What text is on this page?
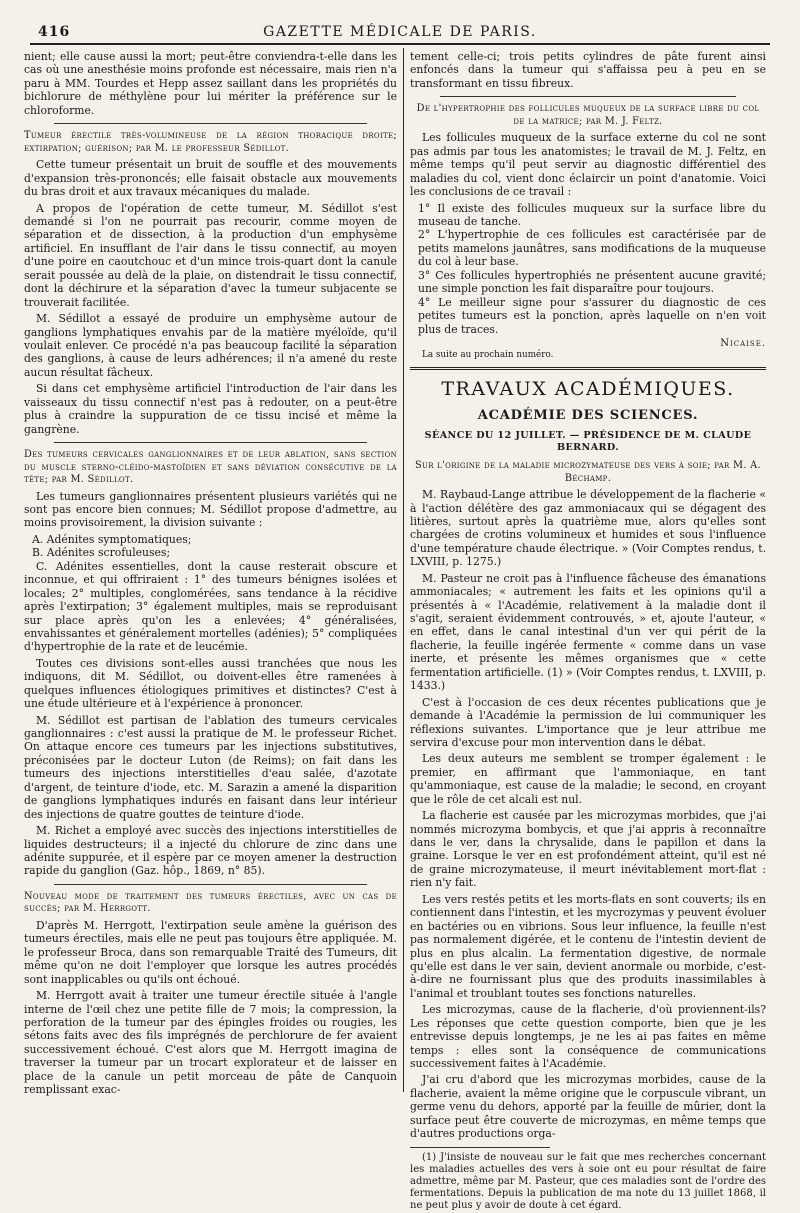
416	GAZETTE MÉDICALE DE PARIS.

nient; elle cause aussi la mort; peut-être conviendra-t-elle dans les cas où une anesthésie moins profonde est nécessaire, mais rien n'a paru à MM. Tourdes et Hepp assez saillant dans les propriétés du bichlorure de méthylène pour lui mériter la préférence sur le chloroforme.

Tumeur érectile très-volumineuse de la région thoracique droite; extirpation; guérison; par M. le professeur Sédillot.

Cette tumeur présentait un bruit de souffle et des mouvements d'expansion très-prononcés; elle faisait obstacle aux mouvements du bras droit et aux travaux mécaniques du malade.

A propos de l'opération de cette tumeur, M. Sédillot s'est demandé si l'on ne pourrait pas recourir, comme moyen de séparation et de dissection, à la production d'un emphysème artificiel. En insufflant de l'air dans le tissu connectif, au moyen d'une poire en caoutchouc et d'un mince trois-quart dont la canule serait poussée au delà de la plaie, on distendrait le tissu connectif, dont la déchirure et la séparation d'avec la tumeur subjacente se trouverait facilitée.

M. Sédillot a essayé de produire un emphysème autour de ganglions lymphatiques envahis par de la matière myéloïde, qu'il voulait enlever. Ce procédé n'a pas beaucoup facilité la séparation des ganglions, à cause de leurs adhérences; il n'a amené du reste aucun résultat fâcheux.

Si dans cet emphysème artificiel l'introduction de l'air dans les vaisseaux du tissu connectif n'est pas à redouter, on a peut-être plus à craindre la suppuration de ce tissu incisé et même la gangrène.

Des tumeurs cervicales ganglionnaires et de leur ablation, sans section du muscle sterno-cléido-mastoïdien et sans déviation consécutive de la tête; par M. Sédillot.

Les tumeurs ganglionnaires présentent plusieurs variétés qui ne sont pas encore bien connues; M. Sédillot propose d'admettre, au moins provisoirement, la division suivante :

A. Adénites symptomatiques;

B. Adénites scrofuleuses;

C. Adénites essentielles, dont la cause resterait obscure et inconnue, et qui offriraient : 1° des tumeurs bénignes isolées et locales; 2° multiples, conglomérées, sans tendance à la récidive après l'extirpation; 3° également multiples, mais se reproduisant sur place après qu'on les a enlevées; 4° généralisées, envahissantes et généralement mortelles (adénies); 5° compliquées d'hypertrophie de la rate et de leucémie.

Toutes ces divisions sont-elles aussi tranchées que nous les indiquons, dit M. Sédillot, ou doivent-elles être ramenées à quelques influences étiologiques primitives et distinctes? C'est à une étude ultérieure et à l'expérience à prononcer.

M. Sédillot est partisan de l'ablation des tumeurs cervicales ganglionnaires : c'est aussi la pratique de M. le professeur Richet. On attaque encore ces tumeurs par les injections substitutives, préconisées par le docteur Luton (de Reims); on fait dans les tumeurs des injections interstitielles d'eau salée, d'azotate d'argent, de teinture d'iode, etc. M. Sarazin a amené la disparition de ganglions lymphatiques indurés en faisant dans leur intérieur des injections de quatre gouttes de teinture d'iode.

M. Richet a employé avec succès des injections interstitielles de liquides destructeurs; il a injecté du chlorure de zinc dans une adénite suppurée, et il espère par ce moyen amener la destruction rapide du ganglion (Gaz. hôp., 1869, n° 85).

Nouveau mode de traitement des tumeurs érectiles, avec un cas de succès; par M. Herrgott.

D'après M. Herrgott, l'extirpation seule amène la guérison des tumeurs érectiles, mais elle ne peut pas toujours être appliquée. M. le professeur Broca, dans son remarquable Traité des Tumeurs, dit même qu'on ne doit l'employer que lorsque les autres procédés sont inapplicables ou qu'ils ont échoué.

M. Herrgott avait à traiter une tumeur érectile située à l'angle interne de l'œil chez une petite fille de 7 mois; la compression, la perforation de la tumeur par des épingles froides ou rougies, les sétons faits avec des fils imprégnés de perchlorure de fer avaient successivement échoué. C'est alors que M. Herrgott imagina de traverser la tumeur par un trocart explorateur et de laisser en place de la canule un petit morceau de pâte de Canquoin remplissant exac-

tement celle-ci; trois petits cylindres de pâte furent ainsi enfoncés dans la tumeur qui s'affaissa peu à peu en se transformant en tissu fibreux.

De l'hypertrophie des follicules muqueux de la surface libre du col de la matrice; par M. J. Feltz.

Les follicules muqueux de la surface externe du col ne sont pas admis par tous les anatomistes; le travail de M. J. Feltz, en même temps qu'il peut servir au diagnostic différentiel des maladies du col, vient donc éclaircir un point d'anatomie. Voici les conclusions de ce travail :

1° Il existe des follicules muqueux sur la surface libre du museau de tanche.

2° L'hypertrophie de ces follicules est caractérisée par de petits mamelons jaunâtres, sans modifications de la muqueuse du col à leur base.

3° Ces follicules hypertrophiés ne présentent aucune gravité; une simple ponction les fait disparaître pour toujours.

4° Le meilleur signe pour s'assurer du diagnostic de ces petites tumeurs est la ponction, après laquelle on n'en voit plus de traces.

Nicaise.

La suite au prochain numéro.

TRAVAUX ACADÉMIQUES.
ACADÉMIE DES SCIENCES.
SÉANCE DU 12 JUILLET. — PRÉSIDENCE DE M. CLAUDE BERNARD.

Sur l'origine de la maladie microzymateuse des vers à soie; par M. A. Béchamp.

M. Raybaud-Lange attribue le développement de la flacherie « à l'action délétère des gaz ammoniacaux qui se dégagent des litières, surtout après la quatrième mue, alors qu'elles sont chargées de crotins volumineux et humides et sous l'influence d'une température chaude électrique. » (Voir Comptes rendus, t. LXVIII, p. 1275.)

M. Pasteur ne croit pas à l'influence fâcheuse des émanations ammoniacales; « autrement les faits et les opinions qu'il a présentés à « l'Académie, relativement à la maladie dont il s'agit, seraient évidemment controuvés, » et, ajoute l'auteur, « en effet, dans le canal intestinal d'un ver qui périt de la flacherie, la feuille ingérée fermente « comme dans un vase inerte, et présente les mêmes organismes que « cette fermentation artificielle. (1) » (Voir Comptes rendus, t. LXVIII, p. 1433.)

C'est à l'occasion de ces deux récentes publications que je demande à l'Académie la permission de lui communiquer les réflexions suivantes. L'importance que je leur attribue me servira d'excuse pour mon intervention dans le débat.

Les deux auteurs me semblent se tromper également : le premier, en affirmant que l'ammoniaque, en tant qu'ammoniaque, est cause de la maladie; le second, en croyant que le rôle de cet alcali est nul.

La flacherie est causée par les microzymas morbides, que j'ai nommés microzyma bombycis, et que j'ai appris à reconnaître dans le ver, dans la chrysalide, dans le papillon et dans la graine. Lorsque le ver en est profondément atteint, qu'il est né de graine microzymateuse, il meurt inévitablement mort-flat : rien n'y fait.

Les vers restés petits et les morts-flats en sont couverts; ils en contiennent dans l'intestin, et les mycrozymas y peuvent évoluer en bactéries ou en vibrions. Sous leur influence, la feuille n'est pas normalement digérée, et le contenu de l'intestin devient de plus en plus alcalin. La fermentation digestive, de normale qu'elle est dans le ver sain, devient anormale ou morbide, c'est-à-dire ne fournissant plus que des produits inassimilables à l'animal et troublant toutes ses fonctions naturelles.

Les microzymas, cause de la flacherie, d'où proviennent-ils? Les réponses que cette question comporte, bien que je les entrevisse depuis longtemps, je ne les ai pas faites en même temps : elles sont la conséquence de communications successivement faites à l'Académie.

J'ai cru d'abord que les microzymas morbides, cause de la flacherie, avaient la même origine que le corpuscule vibrant, un germe venu du dehors, apporté par la feuille de mûrier, dont la surface peut être couverte de microzymas, en même temps que d'autres productions orga-

(1) J'insiste de nouveau sur le fait que mes recherches concernant les maladies actuelles des vers à soie ont eu pour résultat de faire admettre, même par M. Pasteur, que ces maladies sont de l'ordre des fermentations. Depuis la publication de ma note du 13 juillet 1868, il ne peut plus y avoir de doute à cet égard.
